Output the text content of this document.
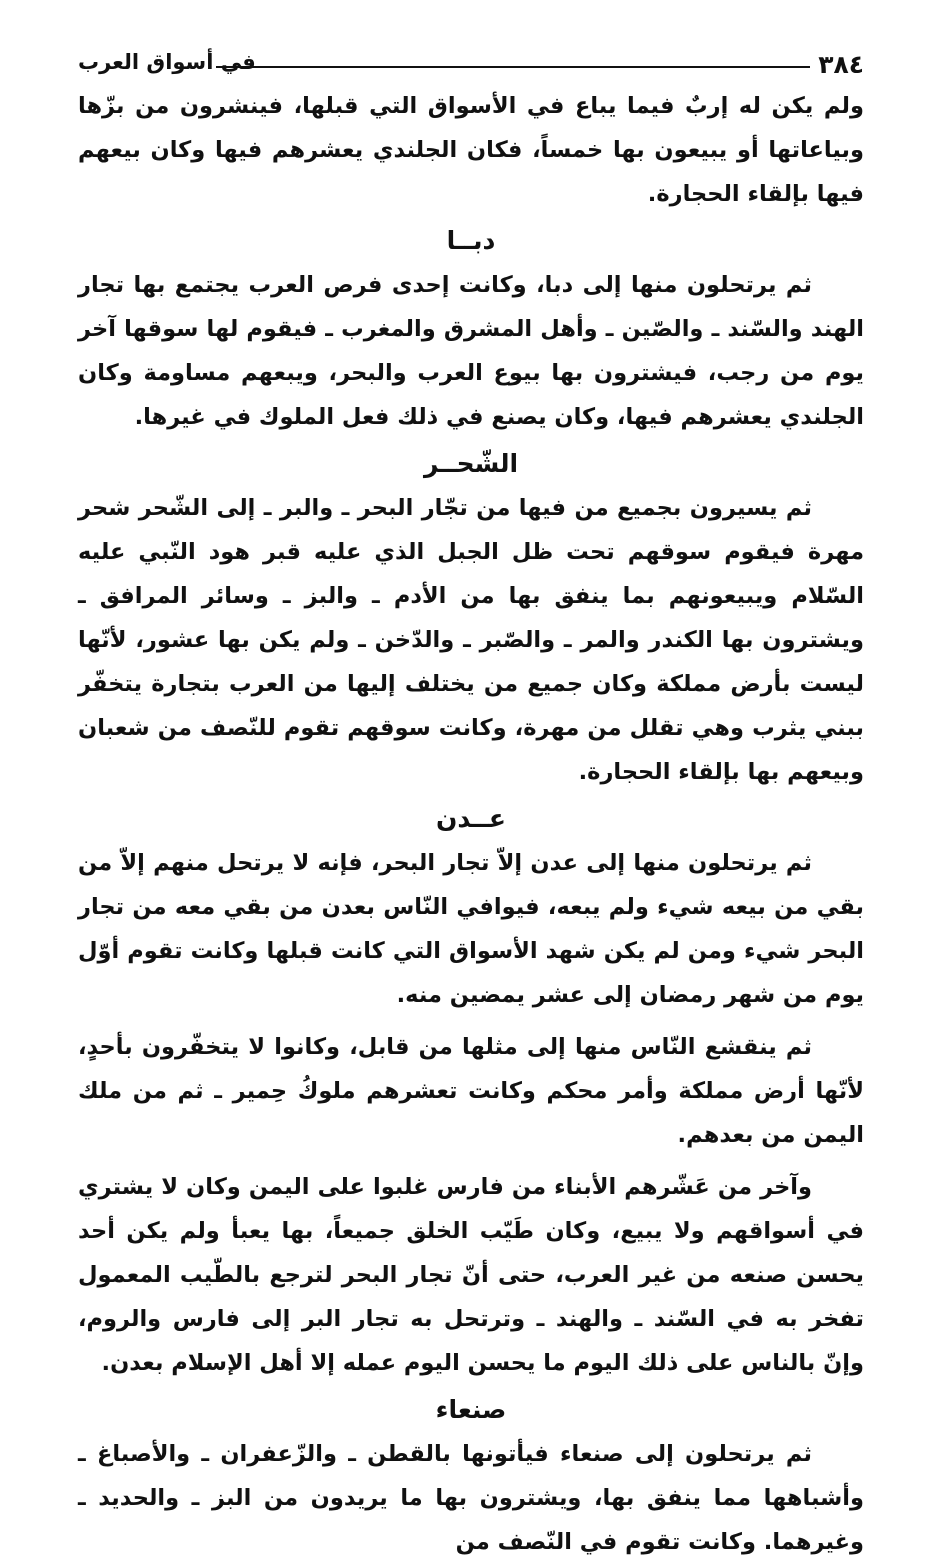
٣٨٤
في أسواق العرب

ولم يكن له إربٌ فيما يباع في الأسواق التي قبلها، فينشرون من بزّها وبياعاتها أو يبيعون بها خمساً، فكان الجلندي يعشرهم فيها وكان بيعهم فيها بإلقاء الحجارة.

دبــا

ثم يرتحلون منها إلى دبا، وكانت إحدى فرص العرب يجتمع بها تجار الهند والسّند ـ والصّين ـ وأهل المشرق والمغرب ـ فيقوم لها سوقها آخر يوم من رجب، فيشترون بها بيوع العرب والبحر، ويبعهم مساومة وكان الجلندي يعشرهم فيها، وكان يصنع في ذلك فعل الملوك في غيرها.

الشّحــر

ثم يسيرون بجميع من فيها من تجّار البحر ـ والبر ـ إلى الشّحر شحر مهرة فيقوم سوقهم تحت ظل الجبل الذي عليه قبر هود النّبي عليه السّلام ويبيعونهم بما ينفق بها من الأدم ـ والبز ـ وسائر المرافق ـ ويشترون بها الكندر والمر ـ والصّبر ـ والدّخن ـ ولم يكن بها عشور، لأنّها ليست بأرض مملكة وكان جميع من يختلف إليها من العرب بتجارة يتخفّر ببني يثرب وهي تقلل من مهرة، وكانت سوقهم تقوم للنّصف من شعبان وبيعهم بها بإلقاء الحجارة.

عــدن

ثم يرتحلون منها إلى عدن إلاّ تجار البحر، فإنه لا يرتحل منهم إلاّ من بقي من بيعه شيء ولم يبعه، فيوافي النّاس بعدن من بقي معه من تجار البحر شيء ومن لم يكن شهد الأسواق التي كانت قبلها وكانت تقوم أوّل يوم من شهر رمضان إلى عشر يمضين منه.

ثم ينقشع النّاس منها إلى مثلها من قابل، وكانوا لا يتخفّرون بأحدٍ، لأنّها أرض مملكة وأمر محكم وكانت تعشرهم ملوكُ حِمير ـ ثم من ملك اليمن من بعدهم.

وآخر من عَشّرهم الأبناء من فارس غلبوا على اليمن وكان لا يشتري في أسواقهم ولا يبيع، وكان طَيّب الخلق جميعاً، بها يعبأ ولم يكن أحد يحسن صنعه من غير العرب، حتى أنّ تجار البحر لترجع بالطّيب المعمول تفخر به في السّند ـ والهند ـ وترتحل به تجار البر إلى فارس والروم، وإنّ بالناس على ذلك اليوم ما يحسن اليوم عمله إلا أهل الإسلام بعدن.

صنعاء

ثم يرتحلون إلى صنعاء فيأتونها بالقطن ـ والزّعفران ـ والأصباغ ـ وأشباهها مما ينفق بها، ويشترون بها ما يريدون من البز ـ والحديد ـ وغيرهما. وكانت تقوم في النّصف من
